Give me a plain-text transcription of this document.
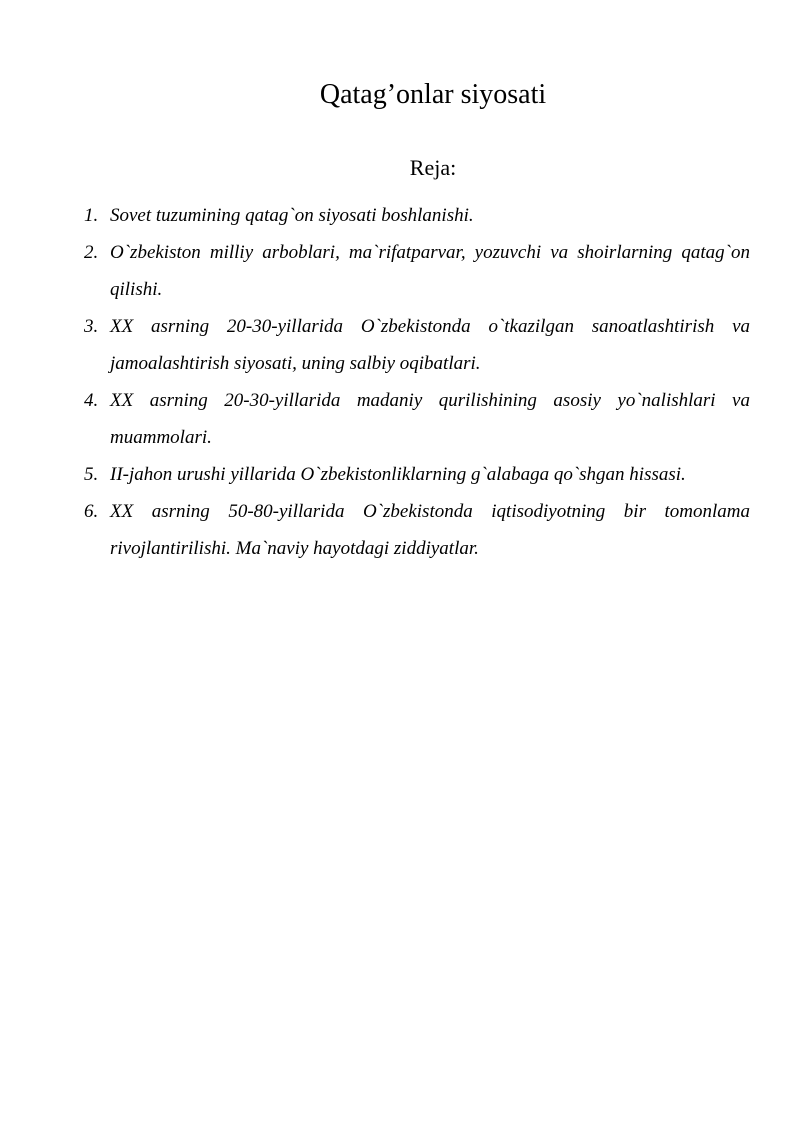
Qatag’onlar siyosati
Reja:
1. Sovet tuzumining qatag`on siyosati boshlanishi.
2. O`zbekiston milliy arboblari, ma`rifatparvar, yozuvchi va shoirlarning qatag`on qilishi.
3. XX asrning 20-30-yillarida O`zbekistonda o`tkazilgan sanoatlashtirish va jamoalashtirish siyosati, uning salbiy oqibatlari.
4. XX asrning 20-30-yillarida madaniy qurilishining asosiy yo`nalishlari va muammolari.
5. II-jahon urushi yillarida O`zbekistonliklarning g`alabaga qo`shgan hissasi.
6. XX asrning 50-80-yillarida O`zbekistonda iqtisodiyotning bir tomonlama rivojlantirilishi. Ma`naviy hayotdagi ziddiyatlar.
